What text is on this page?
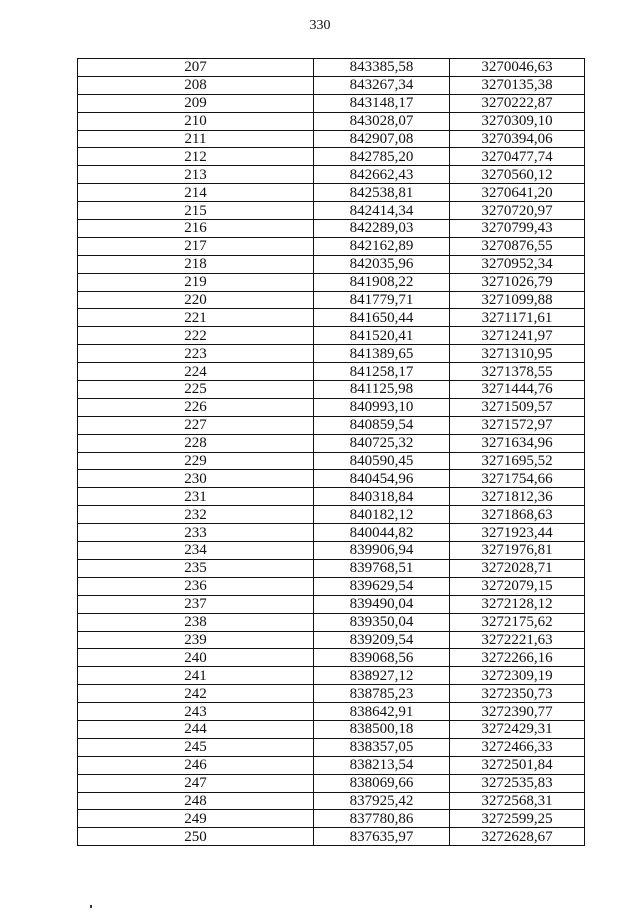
330
207	843385,58	3270046,63
208	843267,34	3270135,38
209	843148,17	3270222,87
210	843028,07	3270309,10
211	842907,08	3270394,06
212	842785,20	3270477,74
213	842662,43	3270560,12
214	842538,81	3270641,20
215	842414,34	3270720,97
216	842289,03	3270799,43
217	842162,89	3270876,55
218	842035,96	3270952,34
219	841908,22	3271026,79
220	841779,71	3271099,88
221	841650,44	3271171,61
222	841520,41	3271241,97
223	841389,65	3271310,95
224	841258,17	3271378,55
225	841125,98	3271444,76
226	840993,10	3271509,57
227	840859,54	3271572,97
228	840725,32	3271634,96
229	840590,45	3271695,52
230	840454,96	3271754,66
231	840318,84	3271812,36
232	840182,12	3271868,63
233	840044,82	3271923,44
234	839906,94	3271976,81
235	839768,51	3272028,71
236	839629,54	3272079,15
237	839490,04	3272128,12
238	839350,04	3272175,62
239	839209,54	3272221,63
240	839068,56	3272266,16
241	838927,12	3272309,19
242	838785,23	3272350,73
243	838642,91	3272390,77
244	838500,18	3272429,31
245	838357,05	3272466,33
246	838213,54	3272501,84
247	838069,66	3272535,83
248	837925,42	3272568,31
249	837780,86	3272599,25
250	837635,97	3272628,67
